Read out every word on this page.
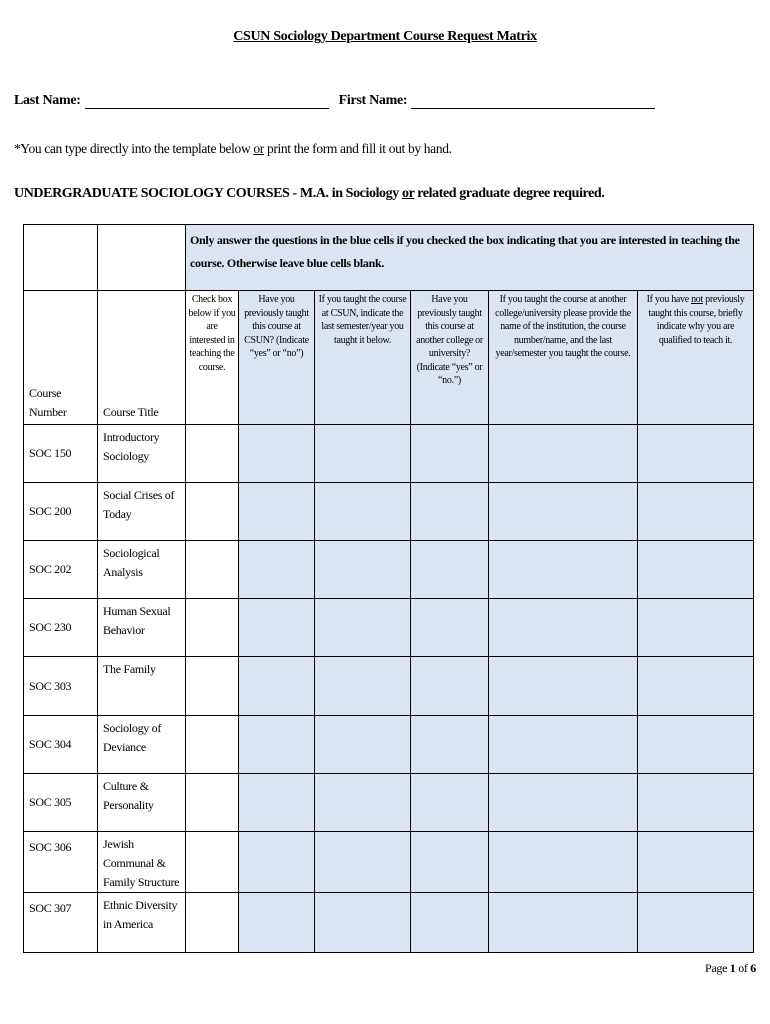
CSUN Sociology Department Course Request Matrix
Last Name:	First Name:
*You can type directly into the template below or print the form and fill it out by hand.
UNDERGRADUATE SOCIOLOGY COURSES - M.A. in Sociology or related graduate degree required.
		Only answer the questions in the blue cells if you checked the box indicating that you are interested in teaching the course. Otherwise leave blue cells blank.					
Course Number	Course Title	Check box below if you are interested in teaching the course.	Have you previously taught this course at CSUN? (Indicate “yes” or “no”)	If you taught the course at CSUN, indicate the last semester/year you taught it below.	Have you previously taught this course at another college or university? (Indicate “yes” or “no.”)	If you taught the course at another college/university please provide the name of the institution, the course number/name, and the last year/semester you taught the course.	If you have not previously taught this course, briefly indicate why you are qualified to teach it.
SOC 150	Introductory Sociology						
SOC 200	Social Crises of Today						
SOC 202	Sociological Analysis						
SOC 230	Human Sexual Behavior						
SOC 303	The Family						
SOC 304	Sociology of Deviance						
SOC 305	Culture & Personality						
SOC 306	Jewish Communal & Family Structure						
SOC 307	Ethnic Diversity in America						
Page 1 of 6
